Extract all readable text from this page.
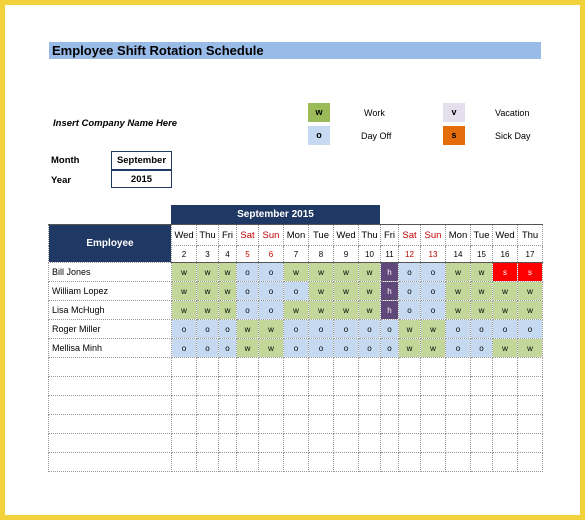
Employee Shift Rotation Schedule
Insert Company Name Here
Month	September
Year	2015
w	Work	v	Vacation
o	Day Off	s	Sick Day
September 2015
Employee	Wed	Thu	Fri	Sat	Sun	Mon	Tue	Wed	Thu	Fri	Sat	Sun	Mon	Tue	Wed	Thu
	2	3	4	5	6	7	8	9	10	11	12	13	14	15	16	17
Bill Jones	w	w	w	o	o	w	w	w	w	h	o	o	w	w	s	s
William Lopez	w	w	w	o	o	o	w	w	w	h	o	o	w	w	w	w
Lisa McHugh	w	w	w	o	o	w	w	w	w	h	o	o	w	w	w	w
Roger Miller	o	o	o	w	w	o	o	o	o	o	w	w	o	o	o	o
Mellisa Minh	o	o	o	w	w	o	o	o	o	o	w	w	o	o	w	w
